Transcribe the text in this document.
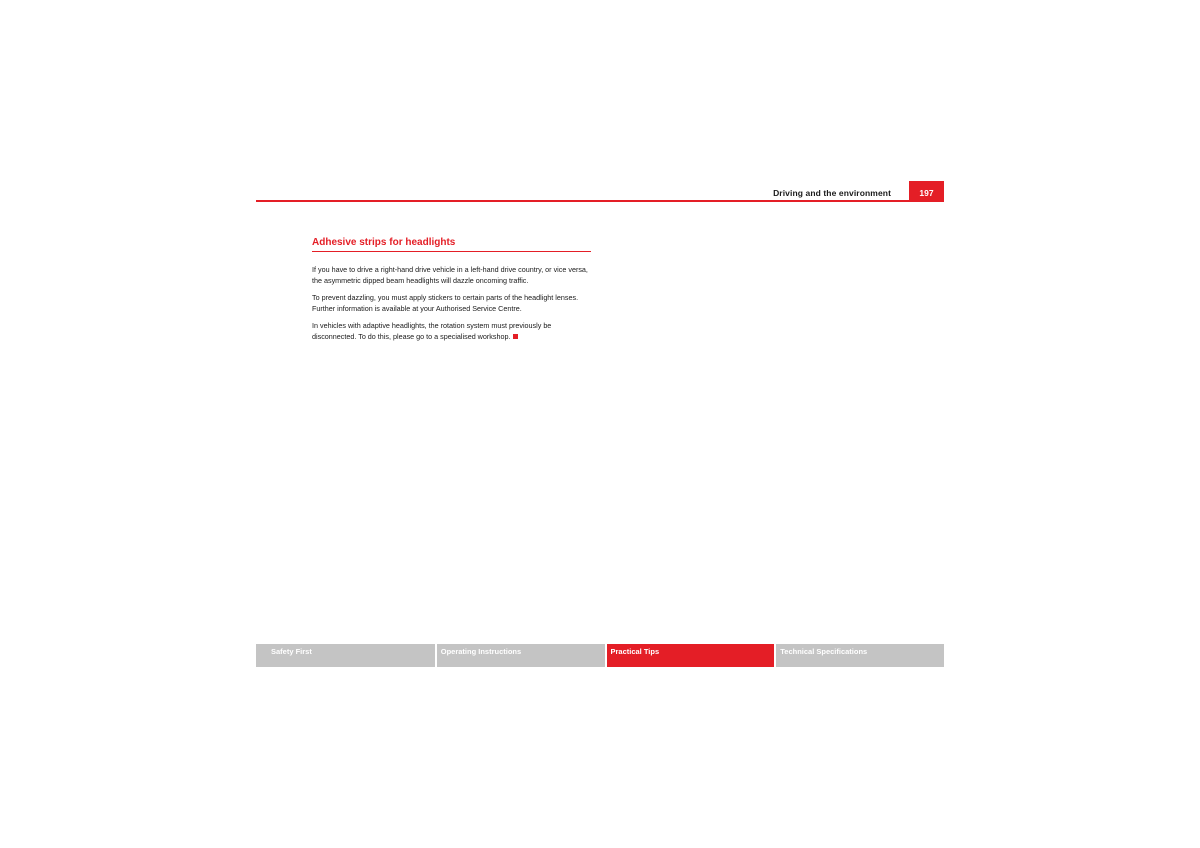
Driving and the environment	197
Adhesive strips for headlights

If you have to drive a right-hand drive vehicle in a left-hand drive country, or vice versa, the asymmetric dipped beam headlights will dazzle oncoming traffic.

To prevent dazzling, you must apply stickers to certain parts of the headlight lenses. Further information is available at your Authorised Service Centre.

In vehicles with adaptive headlights, the rotation system must previously be disconnected. To do this, please go to a specialised workshop.

Safety First	Operating Instructions	Practical Tips	Technical Specifications
